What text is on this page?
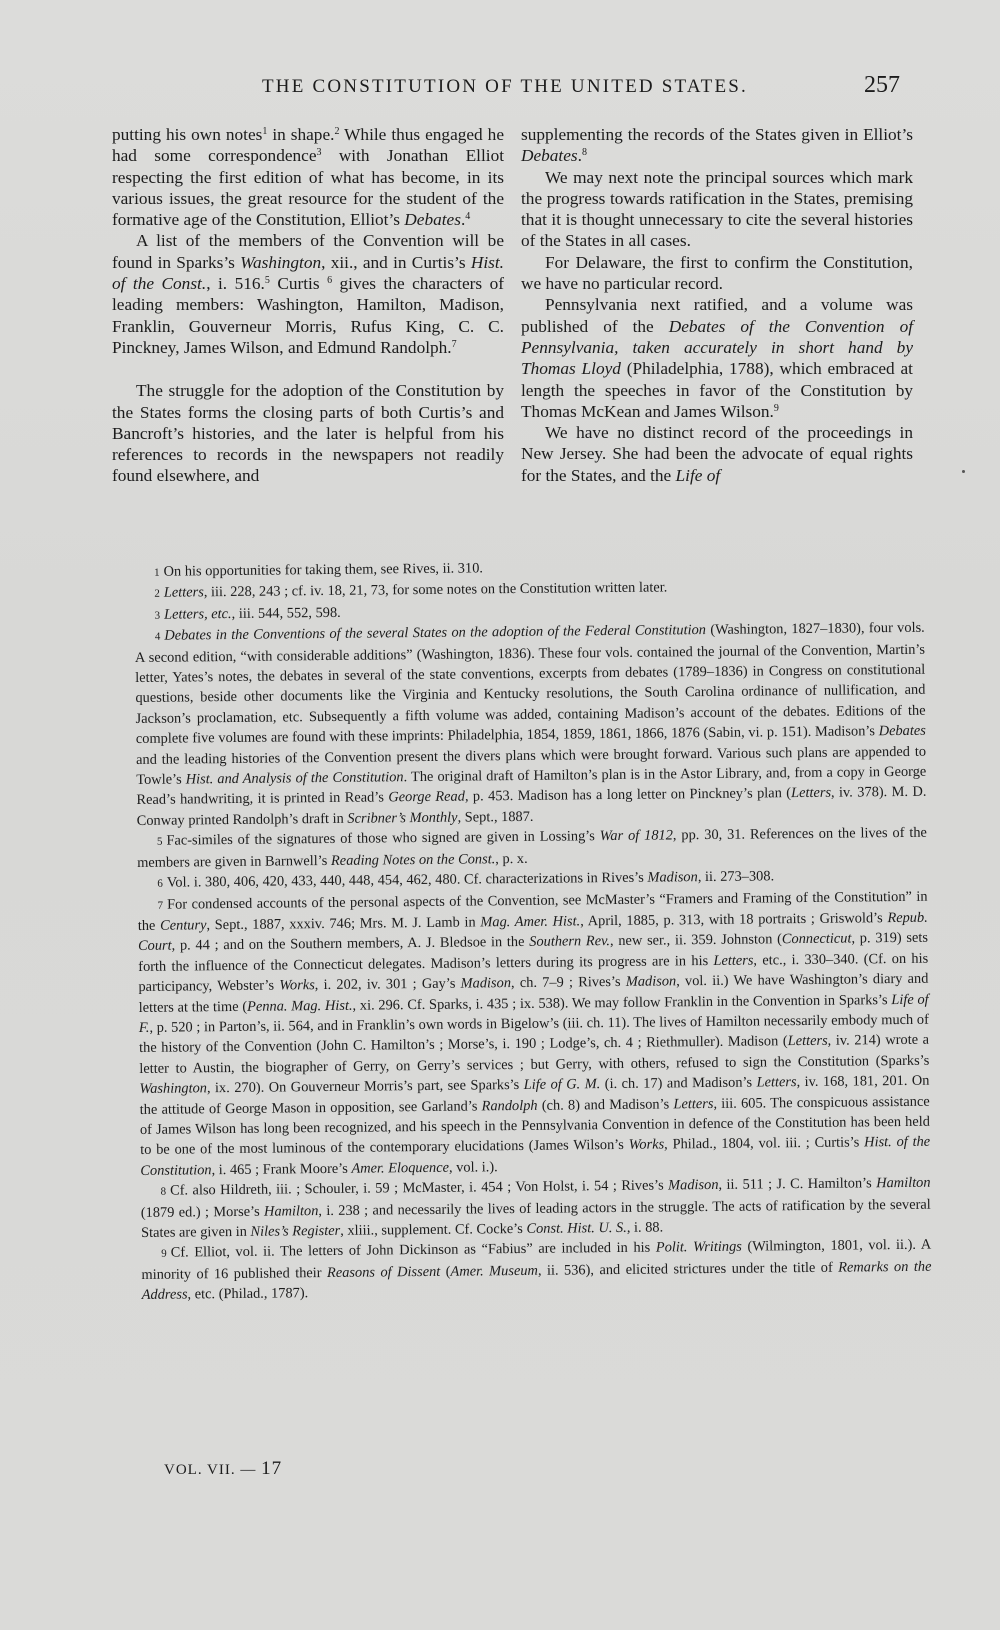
THE CONSTITUTION OF THE UNITED STATES.	257

putting his own notes$^1$ in shape.$^2$ While thus engaged he had some correspondence$^3$ with Jonathan Elliot respecting the first edition of what has become, in its various issues, the great resource for the student of the formative age of the Constitution, Elliot’s Debates.$^4$

A list of the members of the Convention will be found in Sparks’s Washington, xii., and in Curtis’s Hist. of the Const., i. 516.$^5$ Curtis $^6$ gives the characters of leading members: Washington, Hamilton, Madison, Franklin, Gouverneur Morris, Rufus King, C. C. Pinckney, James Wilson, and Edmund Randolph.$^7$

The struggle for the adoption of the Constitution by the States forms the closing parts of both Curtis’s and Bancroft’s histories, and the later is helpful from his references to records in the newspapers not readily found elsewhere, and

supplementing the records of the States given in Elliot’s Debates.$^8$

We may next note the principal sources which mark the progress towards ratification in the States, premising that it is thought unnecessary to cite the several histories of the States in all cases.

For Delaware, the first to confirm the Constitution, we have no particular record.

Pennsylvania next ratified, and a volume was published of the Debates of the Convention of Pennsylvania, taken accurately in short hand by Thomas Lloyd (Philadelphia, 1788), which embraced at length the speeches in favor of the Constitution by Thomas McKean and James Wilson.$^9$

We have no distinct record of the proceedings in New Jersey. She had been the advocate of equal rights for the States, and the Life of

1 On his opportunities for taking them, see Rives, ii. 310.

2 Letters, iii. 228, 243 ; cf. iv. 18, 21, 73, for some notes on the Constitution written later.

3 Letters, etc., iii. 544, 552, 598.

4 Debates in the Conventions of the several States on the adoption of the Federal Constitution (Washington, 1827–1830), four vols. A second edition, “with considerable additions” (Washington, 1836). These four vols. contained the journal of the Convention, Martin’s letter, Yates’s notes, the debates in several of the state conventions, excerpts from debates (1789–1836) in Congress on constitutional questions, beside other documents like the Virginia and Kentucky resolutions, the South Carolina ordinance of nullification, and Jackson’s proclamation, etc. Subsequently a fifth volume was added, containing Madison’s account of the debates. Editions of the complete five volumes are found with these imprints: Philadelphia, 1854, 1859, 1861, 1866, 1876 (Sabin, vi. p. 151). Madison’s Debates and the leading histories of the Convention present the divers plans which were brought forward. Various such plans are appended to Towle’s Hist. and Analysis of the Constitution. The original draft of Hamilton’s plan is in the Astor Library, and, from a copy in George Read’s handwriting, it is printed in Read’s George Read, p. 453. Madison has a long letter on Pinckney’s plan (Letters, iv. 378). M. D. Conway printed Randolph’s draft in Scribner’s Monthly, Sept., 1887.

5 Fac-similes of the signatures of those who signed are given in Lossing’s War of 1812, pp. 30, 31. References on the lives of the members are given in Barnwell’s Reading Notes on the Const., p. x.

6 Vol. i. 380, 406, 420, 433, 440, 448, 454, 462, 480. Cf. characterizations in Rives’s Madison, ii. 273–308.

7 For condensed accounts of the personal aspects of the Convention, see McMaster’s “Framers and Framing of the Constitution” in the Century, Sept., 1887, xxxiv. 746; Mrs. M. J. Lamb in Mag. Amer. Hist., April, 1885, p. 313, with 18 portraits ; Griswold’s Repub. Court, p. 44 ; and on the Southern members, A. J. Bledsoe in the Southern Rev., new ser., ii. 359. Johnston (Connecticut, p. 319) sets forth the influence of the Connecticut delegates. Madison’s letters during its progress are in his Letters, etc., i. 330–340. (Cf. on his participancy, Webster’s Works, i. 202, iv. 301 ; Gay’s Madison, ch. 7–9 ; Rives’s Madison, vol. ii.) We have Washington’s diary and letters at the time (Penna. Mag. Hist., xi. 296. Cf. Sparks, i. 435 ; ix. 538). We may follow Franklin in the Convention in Sparks’s Life of F., p. 520 ; in Parton’s, ii. 564, and in Franklin’s own words in Bigelow’s (iii. ch. 11). The lives of Hamilton necessarily embody much of the history of the Convention (John C. Hamilton’s ; Morse’s, i. 190 ; Lodge’s, ch. 4 ; Riethmuller). Madison (Letters, iv. 214) wrote a letter to Austin, the biographer of Gerry, on Gerry’s services ; but Gerry, with others, refused to sign the Constitution (Sparks’s Washington, ix. 270). On Gouverneur Morris’s part, see Sparks’s Life of G. M. (i. ch. 17) and Madison’s Letters, iv. 168, 181, 201. On the attitude of George Mason in opposition, see Garland’s Randolph (ch. 8) and Madison’s Letters, iii. 605. The conspicuous assistance of James Wilson has long been recognized, and his speech in the Pennsylvania Convention in defence of the Constitution has been held to be one of the most luminous of the contemporary elucidations (James Wilson’s Works, Philad., 1804, vol. iii. ; Curtis’s Hist. of the Constitution, i. 465 ; Frank Moore’s Amer. Eloquence, vol. i.).

8 Cf. also Hildreth, iii. ; Schouler, i. 59 ; McMaster, i. 454 ; Von Holst, i. 54 ; Rives’s Madison, ii. 511 ; J. C. Hamilton’s Hamilton (1879 ed.) ; Morse’s Hamilton, i. 238 ; and necessarily the lives of leading actors in the struggle. The acts of ratification by the several States are given in Niles’s Register, xliii., supplement. Cf. Cocke’s Const. Hist. U. S., i. 88.

9 Cf. Elliot, vol. ii. The letters of John Dickinson as “Fabius” are included in his Polit. Writings (Wilmington, 1801, vol. ii.). A minority of 16 published their Reasons of Dissent (Amer. Museum, ii. 536), and elicited strictures under the title of Remarks on the Address, etc. (Philad., 1787).

VOL. VII. — 17
